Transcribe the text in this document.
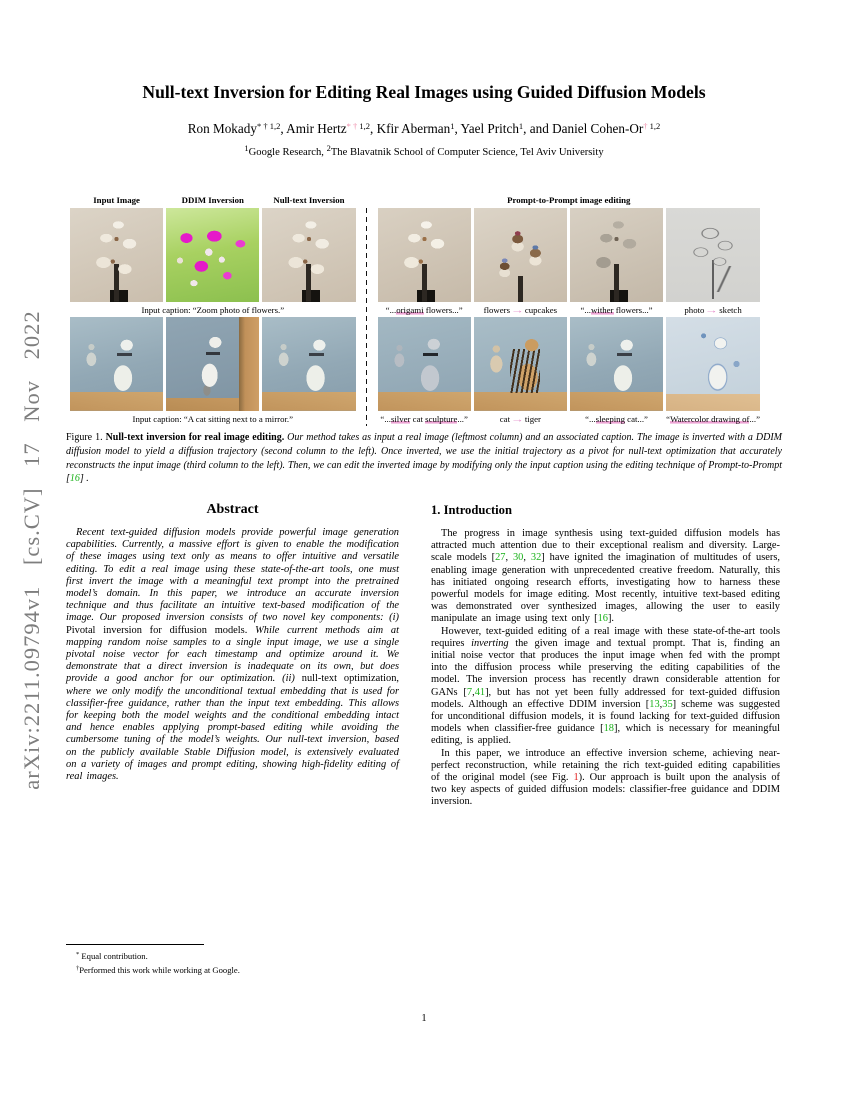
arXiv:2211.09794v1 [cs.CV] 17 Nov 2022
Null-text Inversion for Editing Real Images using Guided Diffusion Models
Ron Mokady$^{* \dagger 1,2}$, Amir Hertz* † $^{1,2}$, Kfir Aberman$^1$, Yael Pritch$^1$, and Daniel Cohen-Or† $^{1,2}$
$^1$Google Research, $^2$The Blavatnik School of Computer Science, Tel Aviv University
Input Image	DDIM Inversion	Null-text Inversion	Prompt-to-Prompt image editing
Input caption: “Zoom photo of flowers.”	“...origami flowers...”	flowers→cupcakes	“...wither flowers...”	photo→sketch
Input caption: “A cat sitting next to a mirror.”	“...silver cat sculpture...”	cat→tiger	“...sleeping cat...”	“Watercolor drawing of...”
Figure 1. Null-text inversion for real image editing. Our method takes as input a real image (leftmost column) and an associated caption. The image is inverted with a DDIM diffusion model to yield a diffusion trajectory (second column to the left). Once inverted, we use the initial trajectory as a pivot for null-text optimization that accurately reconstructs the input image (third column to the left). Then, we can edit the inverted image by modifying only the input caption using the editing technique of Prompt-to-Prompt [16] .
Abstract

Recent text-guided diffusion models provide powerful image generation capabilities. Currently, a massive effort is given to enable the modification of these images using text only as means to offer intuitive and versatile editing. To edit a real image using these state-of-the-art tools, one must first invert the image with a meaningful text prompt into the pretrained model’s domain. In this paper, we introduce an accurate inversion technique and thus facilitate an intuitive text-based modification of the image. Our proposed inversion consists of two novel key components: (i) Pivotal inversion for diffusion models. While current methods aim at mapping random noise samples to a single input image, we use a single pivotal noise vector for each timestamp and optimize around it. We demonstrate that a direct inversion is inadequate on its own, but does provide a good anchor for our optimization. (ii) null-text optimization, where we only modify the unconditional textual embedding that is used for classifier-free guidance, rather than the input text embedding. This allows for keeping both the model weights and the conditional embedding intact and hence enables applying prompt-based editing while avoiding the cumbersome tuning of the model’s weights. Our null-text inversion, based on the publicly available Stable Diffusion model, is extensively evaluated on a variety of images and prompt editing, showing high-fidelity editing of real images.

1. Introduction

The progress in image synthesis using text-guided diffusion models has attracted much attention due to their exceptional realism and diversity. Large-scale models [27, 30, 32] have ignited the imagination of multitudes of users, enabling image generation with unprecedented creative freedom. Naturally, this has initiated ongoing research efforts, investigating how to harness these powerful models for image editing. Most recently, intuitive text-based editing was demonstrated over synthesized images, allowing the user to easily manipulate an image using text only [16].

However, text-guided editing of a real image with these state-of-the-art tools requires inverting the given image and textual prompt. That is, finding an initial noise vector that produces the input image when fed with the prompt into the diffusion process while preserving the editing capabilities of the model. The inversion process has recently drawn considerable attention for GANs [7,41], but has not yet been fully addressed for text-guided diffusion models. Although an effective DDIM inversion [13,35] scheme was suggested for unconditional diffusion models, it is found lacking for text-guided diffusion models when classifier-free guidance [18], which is necessary for meaningful editing, is applied.

In this paper, we introduce an effective inversion scheme, achieving near-perfect reconstruction, while retaining the rich text-guided editing capabilities of the original model (see Fig. 1). Our approach is built upon the analysis of two key aspects of guided diffusion models: classifier-free guidance and DDIM inversion.

* Equal contribution.
†Performed this work while working at Google.
1
